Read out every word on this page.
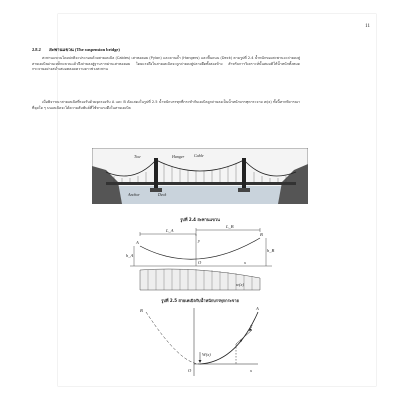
11
2.8.2 สะพานแขวน (The suspension bridge)
สะพานแขวนโดยปกติจะประกอบด้วยสายเคเบิล (Cables) เสาหอคอย (Pylon) และคานค้ำ (Hangers) และพื้นถนน (Deck) ตามรูปที่ 2.4 น้ำหนักของสะพานจะถ่ายลงสู่สายเคเบิลผ่านเหล็กแขวนแล้วจึงถ่ายลงสู่ฐานรากผ่านเสาหอคอย โดยแรงดึงในสายเคเบิลจะถูกถ่ายลงสู่ปลายยึดทั้งสองข้าง สำหรับการวิเคราะห์นั้นสมมติให้น้ำหนักทั้งหมดกระจายอย่างสม่ำเสมอตลอดความยาวช่วงสะพาน
เมื่อพิจารณาสายเคเบิลที่รองรับด้วยจุดรองรับ A และ B ดังแสดงในรูปที่ 2.5 น้ำหนักบรรทุกที่กระทำกับเคเบิลถูกถ่ายลงเป็นน้ำหนักบรรทุกกระจาย w(x) ทั้งนี้หากพิจารณาที่จุดใด ๆ บนเคเบิลจะได้ความสัมพันธ์ที่ใช้หาแรงดึงในสายเคเบิล
Tow	Hanger Cable
Anchor	Deck
รูปที่ 2.4 สะพานแขวน
L_A
L_B
h_A
h_B
A
B
O	x
y
w(x)
รูปที่ 2.5 สายเคเบิลรับน้ำหนักบรรทุกกระจาย
B	A
T
θ
W(x)
x
O
